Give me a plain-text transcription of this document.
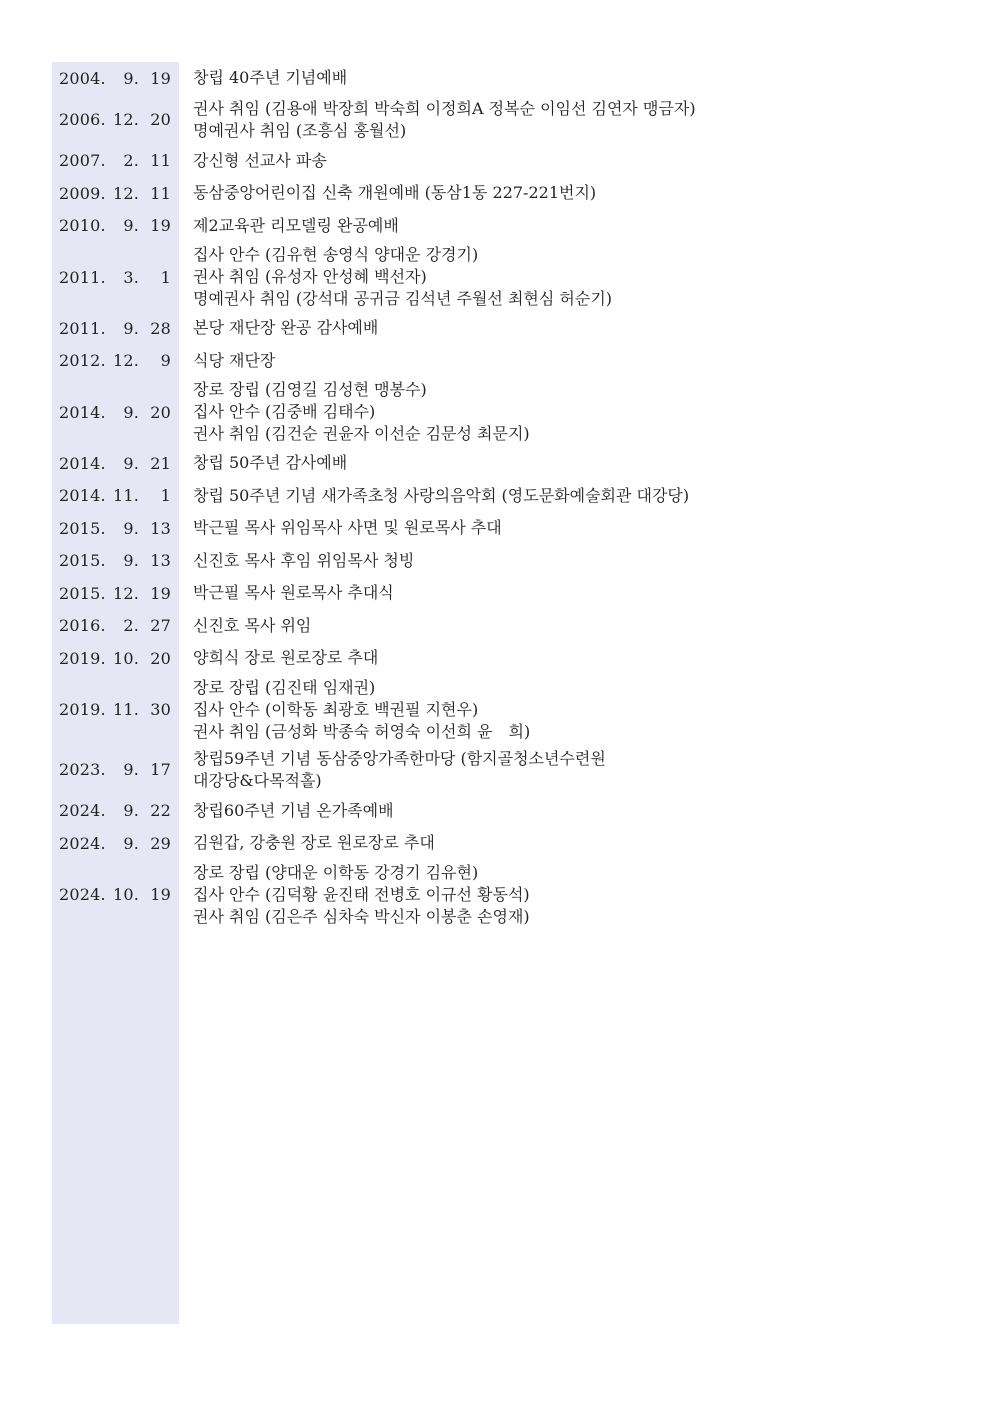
2004.	9. 19 창립 40주년 기념예배
2006. 12. 20
권사 취임 (김용애 박장희 박숙희 이정희A 정복순 이임선 김연자 맹금자)
명예권사 취임 (조흥심 홍월선)
2007.	2. 11 강신형 선교사 파송
2009. 12. 11 동삼중앙어린이집 신축 개원예배 (동삼1동 227-221번지)
2010.	9. 19 제2교육관 리모델링 완공예배
2011.	3.	1
집사 안수 (김유현 송영식 양대운 강경기)
권사 취임 (유성자 안성혜 백선자)
명예권사 취임 (강석대 공귀금 김석년 주월선 최현심 허순기)
2011.	9. 28 본당 재단장 완공 감사예배
2012. 12.	9 식당 재단장
2014.	9. 20
장로 장립 (김영길 김성현 맹봉수)
집사 안수 (김중배 김태수)
권사 취임 (김건순 권윤자 이선순 김문성 최문지)
2014.	9. 21 창립 50주년 감사예배
2014. 11.	1 창립 50주년 기념 새가족초청 사랑의음악회 (영도문화예술회관 대강당)
2015.	9. 13 박근필 목사 위임목사 사면 및 원로목사 추대
2015.	9. 13 신진호 목사 후임 위임목사 청빙
2015. 12. 19 박근필 목사 원로목사 추대식
2016.	2. 27 신진호 목사 위임
2019. 10. 20 양희식 장로 원로장로 추대
2019. 11. 30
장로 장립 (김진태 임재권)
집사 안수 (이학동 최광호 백권필 지현우)
권사 취임 (금성화 박종숙 허영숙 이선희 윤　희)
2023.	9. 17
창립59주년 기념 동삼중앙가족한마당 (함지골청소년수련원
대강당&다목적홀)
2024.	9. 22 창립60주년 기념 온가족예배
2024.	9. 29 김원갑, 강충원 장로 원로장로 추대
2024. 10. 19
장로 장립 (양대운 이학동 강경기 김유현)
집사 안수 (김덕황 윤진태 전병호 이규선 황동석)
권사 취임 (김은주 심차숙 박신자 이봉춘 손영재)
